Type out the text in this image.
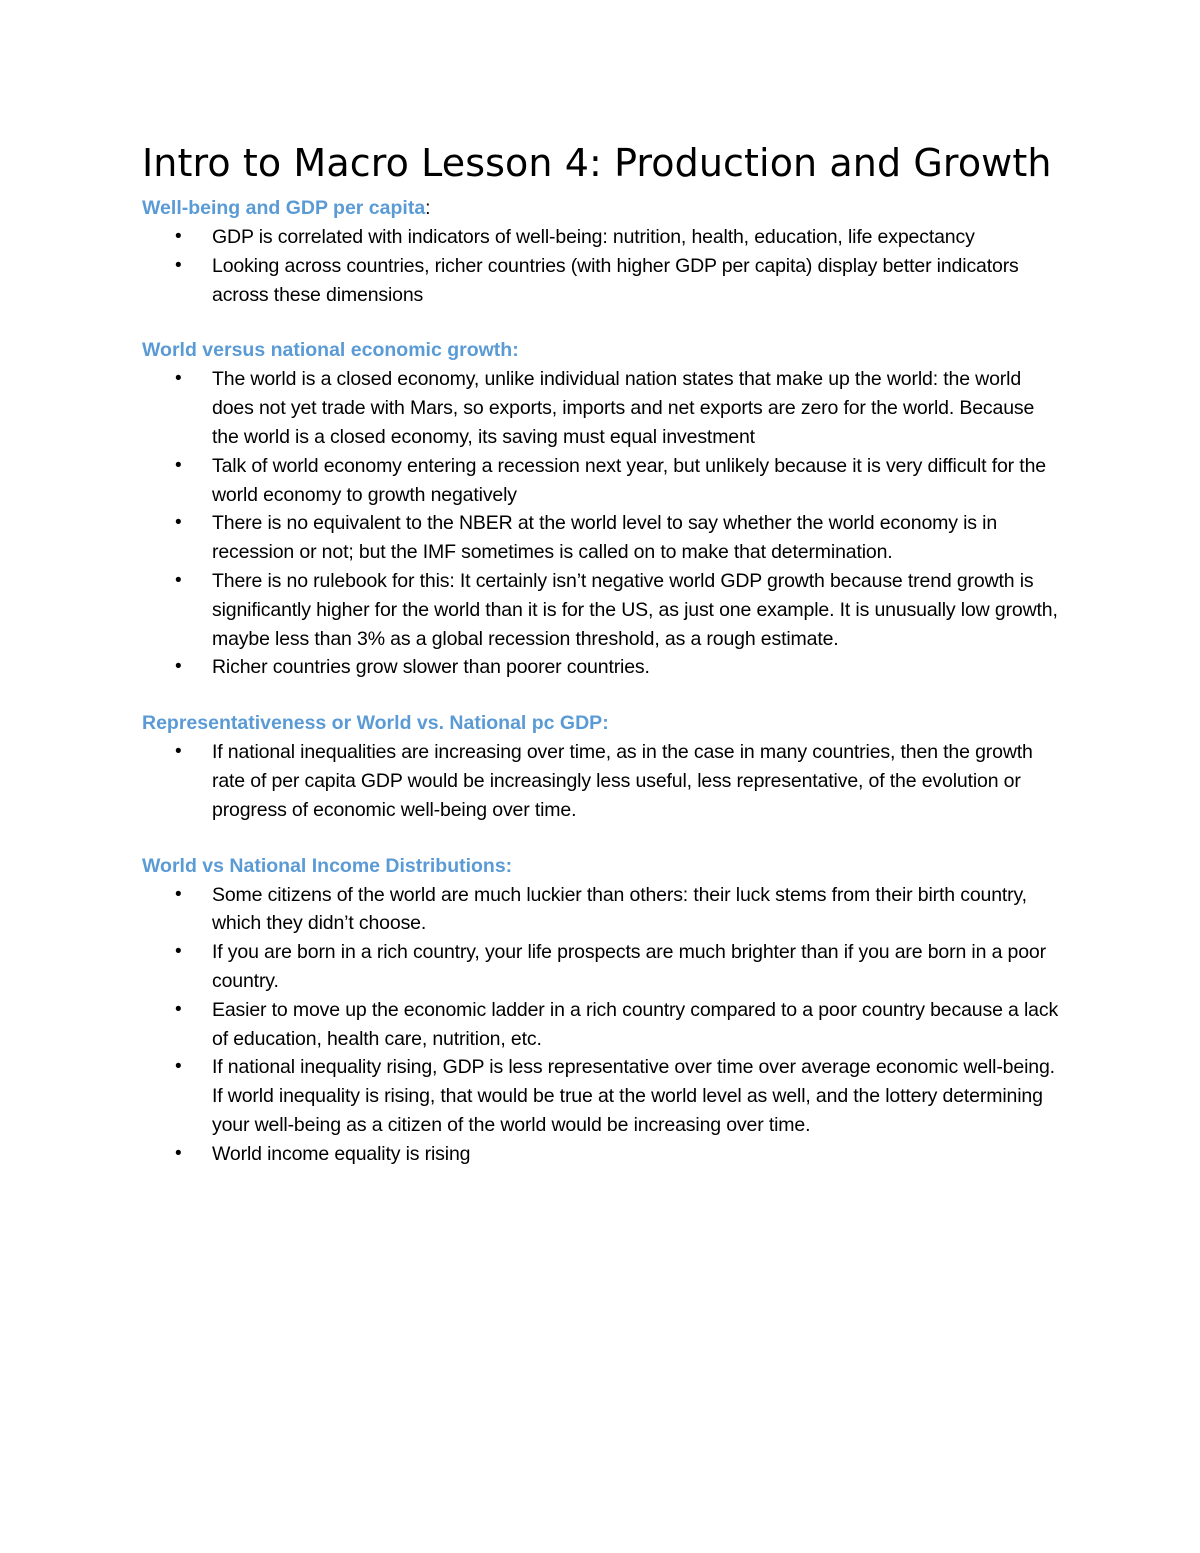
Intro to Macro Lesson 4: Production and Growth

Well-being and GDP per capita:

• GDP is correlated with indicators of well-being: nutrition, health, education, life expectancy
• Looking across countries, richer countries (with higher GDP per capita) display better indicators across these dimensions

World versus national economic growth:

• The world is a closed economy, unlike individual nation states that make up the world: the world does not yet trade with Mars, so exports, imports and net exports are zero for the world. Because the world is a closed economy, its saving must equal investment
• Talk of world economy entering a recession next year, but unlikely because it is very difficult for the world economy to growth negatively
• There is no equivalent to the NBER at the world level to say whether the world economy is in recession or not; but the IMF sometimes is called on to make that determination.
• There is no rulebook for this: It certainly isn’t negative world GDP growth because trend growth is significantly higher for the world than it is for the US, as just one example. It is unusually low growth, maybe less than 3% as a global recession threshold, as a rough estimate.
• Richer countries grow slower than poorer countries.

Representativeness or World vs. National pc GDP:

• If national inequalities are increasing over time, as in the case in many countries, then the growth rate of per capita GDP would be increasingly less useful, less representative, of the evolution or progress of economic well-being over time.

World vs National Income Distributions:

• Some citizens of the world are much luckier than others: their luck stems from their birth country, which they didn’t choose.
• If you are born in a rich country, your life prospects are much brighter than if you are born in a poor country.
• Easier to move up the economic ladder in a rich country compared to a poor country because a lack of education, health care, nutrition, etc.
• If national inequality rising, GDP is less representative over time over average economic well-being. If world inequality is rising, that would be true at the world level as well, and the lottery determining your well-being as a citizen of the world would be increasing over time.
• World income equality is rising
